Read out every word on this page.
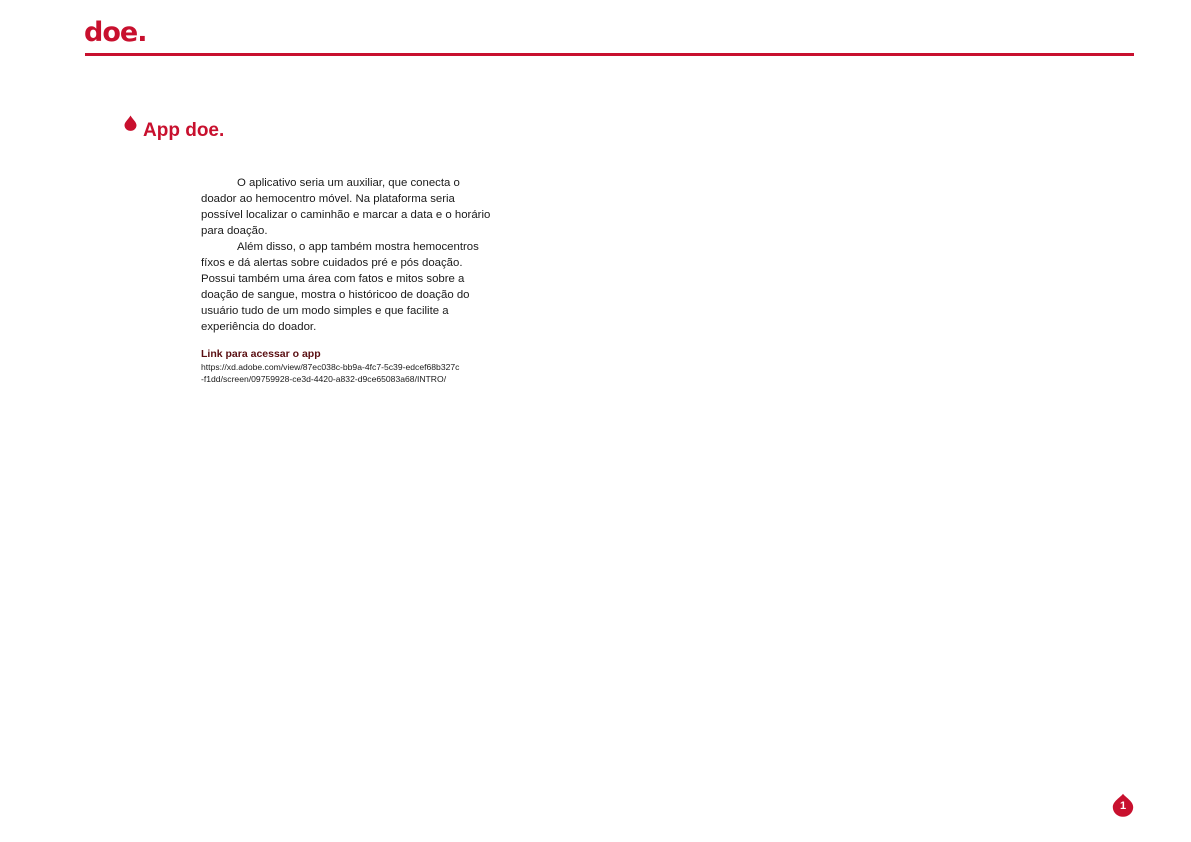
doe.
App doe.

O aplicativo seria um auxiliar, que conecta o doador ao hemocentro móvel. Na plataforma seria possível localizar o caminhão e marcar a data e o horário para doação.

Além disso, o app também mostra hemocentros fíxos e dá alertas sobre cuidados pré e pós doação. Possui também uma área com fatos e mitos sobre a doação de sangue, mostra o históricoo de doação do usuário tudo de um modo simples e que facilite a experiência do doador.

Link para acessar o app
https://xd.adobe.com/view/87ec038c-bb9a-4fc7-5c39-edcef68b327c-f1dd/screen/09759928-ce3d-4420-a832-d9ce65083a68/INTRO/
1
